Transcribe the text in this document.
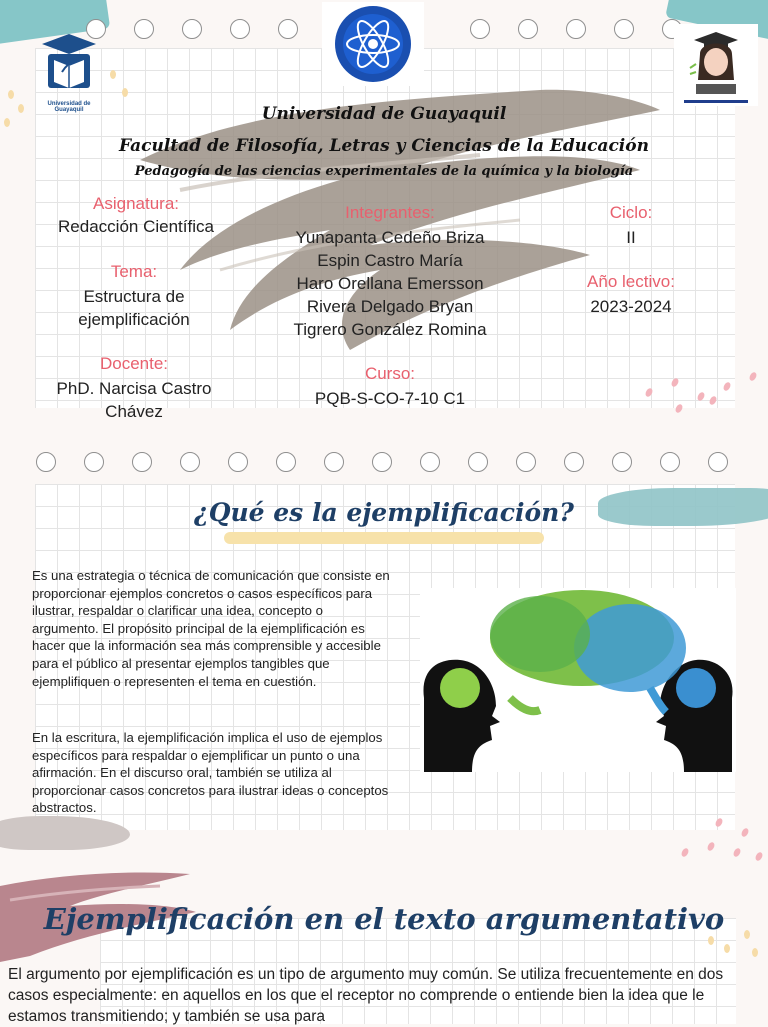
Universidad de Guayaquil	Universidad de Guayaquil
Facultad de Filosofía, Letras y Ciencias de la Educación
Pedagogía de las ciencias experimentales de la química y la biología
Asignatura:
Redacción Científica
Tema:
Estructura de
ejemplificación
Docente:
PhD. Narcisa Castro
Chávez
Integrantes:
Yunapanta Cedeño Briza
Espin Castro María
Haro Orellana Emersson
Rivera Delgado Bryan
Tigrero González Romina
Curso:
PQB-S-CO-7-10 C1
Ciclo:
II
Año lectivo:
2023-2024
¿Qué es la ejemplificación?
Es una estrategia o técnica de comunicación que consiste en proporcionar ejemplos concretos o casos específicos para ilustrar, respaldar o clarificar una idea, concepto o argumento. El propósito principal de la ejemplificación es hacer que la información sea más comprensible y accesible para el público al presentar ejemplos tangibles que ejemplifiquen o representen el tema en cuestión.
En la escritura, la ejemplificación implica el uso de ejemplos específicos para respaldar o ejemplificar un punto o una afirmación. En el discurso oral, también se utiliza al proporcionar casos concretos para ilustrar ideas o conceptos abstractos.
Ejemplificación en el texto argumentativo
El argumento por ejemplificación es un tipo de argumento muy común. Se utiliza frecuentemente en dos casos especialmente: en aquellos en los que el receptor no comprende o entiende bien la idea que le estamos transmitiendo; y también se usa para
